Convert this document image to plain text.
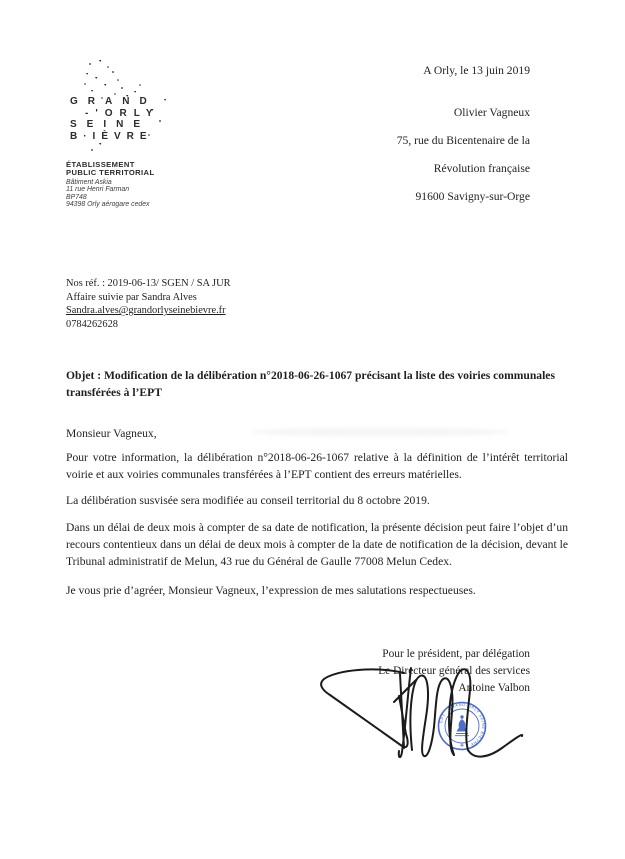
GRAND
-'ORLY
SEINE
B·IÈVRE
ÉTABLISSEMENT
PUBLIC TERRITORIAL
Bâtiment Askia
11 rue Henri Farman
BP748
94398 Orly aérogare cedex
A Orly, le 13 juin 2019
Olivier Vagneux
75, rue du Bicentenaire de la
Révolution française
91600 Savigny-sur-Orge
Nos réf. : 2019-06-13/ SGEN / SA JUR
Affaire suivie par Sandra Alves
Sandra.alves@grandorlyseinebievre.fr
0784262628
Objet : Modification de la délibération n°2018-06-26-1067 précisant la liste des voiries communales transférées à l’EPT

Monsieur Vagneux,

Pour votre information, la délibération n°2018-06-26-1067 relative à la définition de l’intérêt territorial voirie et aux voiries communales transférées à l’EPT contient des erreurs matérielles.

La délibération susvisée sera modifiée au conseil territorial du 8 octobre 2019.

Dans un délai de deux mois à compter de sa date de notification, la présente décision peut faire l’objet d’un recours contentieux dans un délai de deux mois à compter de la date de notification de la décision, devant le Tribunal administratif de Melun, 43 rue du Général de Gaulle 77008 Melun Cedex.

Je vous prie d’agréer, Monsieur Vagneux, l’expression de mes salutations respectueuses.

Pour le président, par délégation
Le Directeur général des services
Antoine Valbon
EPT · GRAND-ORLY SEINE BIÈVRE ·
